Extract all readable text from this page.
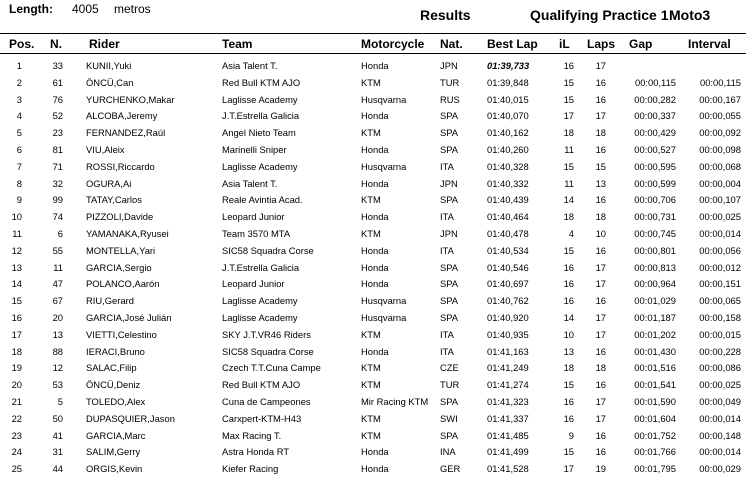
Length: 4005 metros	Results	Qualifying Practice 1 Moto3
Pos. N. Rider	Team	Motorcycle Nat. Best Lap iL Laps Gap	Interval
1	33 KUNII,Yuki	Asia Talent T.	Honda	JPN	01:39,733	16	17
2	61 ÖNCÜ,Can	Red Bull KTM AJO	KTM	TUR	01:39,848	15	16	00:00,115	00:00,115
3	76 YURCHENKO,Makar	Laglisse Academy	Husqvarna	RUS	01:40,015	15	16	00:00,282	00:00,167
4	52 ALCOBA,Jeremy	J.T.Estrella Galicia	Honda	SPA	01:40,070	17	17	00:00,337	00:00,055
5	23 FERNANDEZ,Raúl	Angel Nieto Team	KTM	SPA	01:40,162	18	18	00:00,429	00:00,092
6	81 VIU,Aleix	Marinelli Sniper	Honda	SPA	01:40,260	11	16	00:00,527	00:00,098
7	71 ROSSI,Riccardo	Laglisse Academy	Husqvarna	ITA	01:40,328	15	15	00:00,595	00:00,068
8	32 OGURA,Ai	Asia Talent T.	Honda	JPN	01:40,332	11	13	00:00,599	00:00,004
9	99 TATAY,Carlos	Reale Avintia Acad.	KTM	SPA	01:40,439	14	16	00:00,706	00:00,107
10	74 PIZZOLI,Davide	Leopard Junior	Honda	ITA	01:40,464	18	18	00:00,731	00:00,025
11	6 YAMANAKA,Ryusei	Team 3570 MTA	KTM	JPN	01:40,478	4	10	00:00,745	00:00,014
12	55 MONTELLA,Yari	SIC58 Squadra Corse	Honda	ITA	01:40,534	15	16	00:00,801	00:00,056
13	11 GARCIA,Sergio	J.T.Estrella Galicia	Honda	SPA	01:40,546	16	17	00:00,813	00:00,012
14	47 POLANCO,Aarón	Leopard Junior	Honda	SPA	01:40,697	16	17	00:00,964	00:00,151
15	67 RIU,Gerard	Laglisse Academy	Husqvarna	SPA	01:40,762	16	16	00:01,029	00:00,065
16	20 GARCIA,José Julián	Laglisse Academy	Husqvarna	SPA	01:40,920	14	17	00:01,187	00:00,158
17	13 VIETTI,Celestino	SKY J.T.VR46 Riders	KTM	ITA	01:40,935	10	17	00:01,202	00:00,015
18	88 IERACI,Bruno	SIC58 Squadra Corse	Honda	ITA	01:41,163	13	16	00:01,430	00:00,228
19	12 SALAC,Filip	Czech T.T.Cuna Campe	KTM	CZE	01:41,249	18	18	00:01,516	00:00,086
20	53 ÖNCÜ,Deniz	Red Bull KTM AJO	KTM	TUR	01:41,274	15	16	00:01,541	00:00,025
21	5 TOLEDO,Alex	Cuna de Campeones	Mir Racing KTM SPA	01:41,323	16	17	00:01,590	00:00,049
22	50 DUPASQUIER,Jason	Carxpert-KTM-H43	KTM	SWI	01:41,337	16	17	00:01,604	00:00,014
23	41 GARCIA,Marc	Max Racing T.	KTM	SPA	01:41,485	9	16	00:01,752	00:00,148
24	31 SALIM,Gerry	Astra Honda RT	Honda	INA	01:41,499	15	16	00:01,766	00:00,014
25	44 ORGIS,Kevin	Kiefer Racing	Honda	GER	01:41,528	17	19	00:01,795	00:00,029
